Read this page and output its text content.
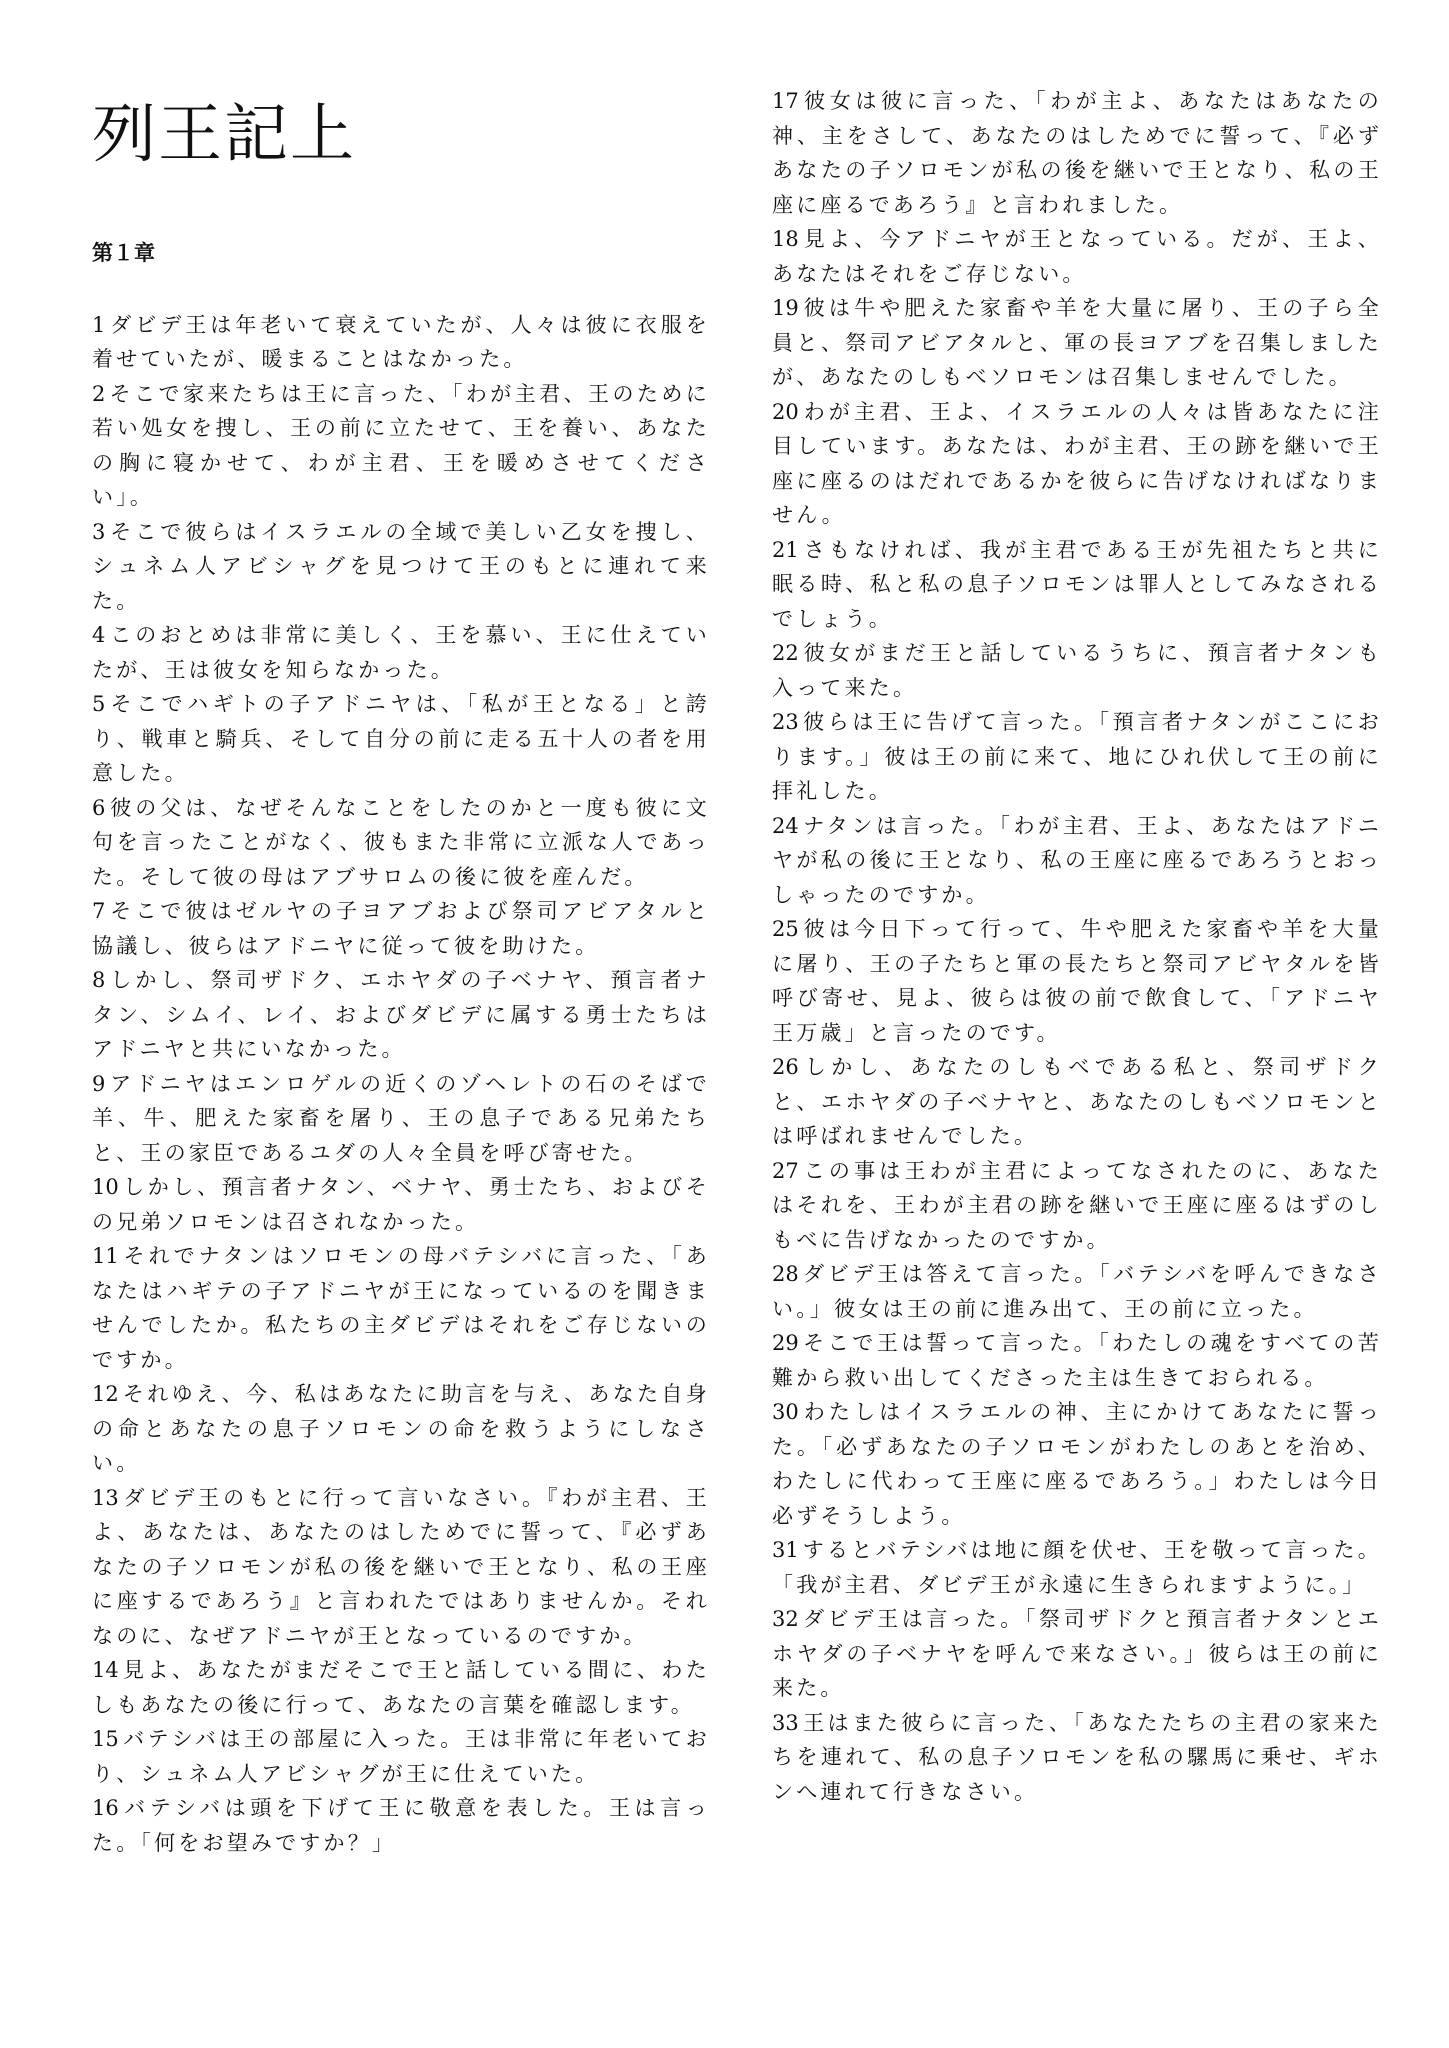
列王記上
第１章

1 ダビデ王は年老いて衰えていたが、人々は彼に衣服を着せていたが、暖まることはなかった。

2 そこで家来たちは王に言った、「わが主君、王のために若い処女を捜し、王の前に立たせて、王を養い、あなたの胸に寝かせて、わが主君、王を暖めさせてください」。

3 そこで彼らはイスラエルの全域で美しい乙女を捜し、シュネム人アビシャグを見つけて王のもとに連れて来た。

4 このおとめは非常に美しく、王を慕い、王に仕えていたが、王は彼女を知らなかった。

5 そこでハギトの子アドニヤは、「私が王となる」と誇り、戦車と騎兵、そして自分の前に走る五十人の者を用意した。

6 彼の父は、なぜそんなことをしたのかと一度も彼に文句を言ったことがなく、彼もまた非常に立派な人であった。そして彼の母はアブサロムの後に彼を産んだ。

7 そこで彼はゼルヤの子ヨアブおよび祭司アビアタルと協議し、彼らはアドニヤに従って彼を助けた。

8 しかし、祭司ザドク、エホヤダの子ベナヤ、預言者ナタン、シムイ、レイ、およびダビデに属する勇士たちはアドニヤと共にいなかった。

9 アドニヤはエンロゲルの近くのゾヘレトの石のそばで羊、牛、肥えた家畜を屠り、王の息子である兄弟たちと、王の家臣であるユダの人々全員を呼び寄せた。

10 しかし、預言者ナタン、ベナヤ、勇士たち、およびその兄弟ソロモンは召されなかった。

11 それでナタンはソロモンの母バテシバに言った、「あなたはハギテの子アドニヤが王になっているのを聞きませんでしたか。私たちの主ダビデはそれをご存じないのですか。

12 それゆえ、今、私はあなたに助言を与え、あなた自身の命とあなたの息子ソロモンの命を救うようにしなさい。

13 ダビデ王のもとに行って言いなさい。『わが主君、王よ、あなたは、あなたのはしためでに誓って、『必ずあなたの子ソロモンが私の後を継いで王となり、私の王座に座するであろう』と言われたではありませんか。それなのに、なぜアドニヤが王となっているのですか。

14 見よ、あなたがまだそこで王と話している間に、わたしもあなたの後に行って、あなたの言葉を確認します。

15 バテシバは王の部屋に入った。王は非常に年老いており、シュネム人アビシャグが王に仕えていた。

16 バテシバは頭を下げて王に敬意を表した。王は言った。「何をお望みですか？」

17 彼女は彼に言った、「わが主よ、あなたはあなたの神、主をさして、あなたのはしためでに誓って、『必ずあなたの子ソロモンが私の後を継いで王となり、私の王座に座るであろう』と言われました。

18 見よ、今アドニヤが王となっている。だが、王よ、あなたはそれをご存じない。

19 彼は牛や肥えた家畜や羊を大量に屠り、王の子ら全員と、祭司アビアタルと、軍の長ヨアブを召集しましたが、あなたのしもべソロモンは召集しませんでした。

20 わが主君、王よ、イスラエルの人々は皆あなたに注目しています。あなたは、わが主君、王の跡を継いで王座に座るのはだれであるかを彼らに告げなければなりません。

21 さもなければ、我が主君である王が先祖たちと共に眠る時、私と私の息子ソロモンは罪人としてみなされるでしょう。

22 彼女がまだ王と話しているうちに、預言者ナタンも入って来た。

23 彼らは王に告げて言った。「預言者ナタンがここにおります。」彼は王の前に来て、地にひれ伏して王の前に拝礼した。

24 ナタンは言った。「わが主君、王よ、あなたはアドニヤが私の後に王となり、私の王座に座るであろうとおっしゃったのですか。

25 彼は今日下って行って、牛や肥えた家畜や羊を大量に屠り、王の子たちと軍の長たちと祭司アビヤタルを皆呼び寄せ、見よ、彼らは彼の前で飲食して、「アドニヤ王万歳」と言ったのです。

26 しかし、あなたのしもべである私と、祭司ザドクと、エホヤダの子ベナヤと、あなたのしもべソロモンとは呼ばれませんでした。

27 この事は王わが主君によってなされたのに、あなたはそれを、王わが主君の跡を継いで王座に座るはずのしもべに告げなかったのですか。

28 ダビデ王は答えて言った。「バテシバを呼んできなさい。」彼女は王の前に進み出て、王の前に立った。

29 そこで王は誓って言った。「わたしの魂をすべての苦難から救い出してくださった主は生きておられる。

30 わたしはイスラエルの神、主にかけてあなたに誓った。「必ずあなたの子ソロモンがわたしのあとを治め、わたしに代わって王座に座るであろう。」わたしは今日必ずそうしよう。

31 するとバテシバは地に顔を伏せ、王を敬って言った。「我が主君、ダビデ王が永遠に生きられますように。」

32 ダビデ王は言った。「祭司ザドクと預言者ナタンとエホヤダの子ベナヤを呼んで来なさい。」彼らは王の前に来た。

33 王はまた彼らに言った、「あなたたちの主君の家来たちを連れて、私の息子ソロモンを私の騾馬に乗せ、ギホンへ連れて行きなさい。
